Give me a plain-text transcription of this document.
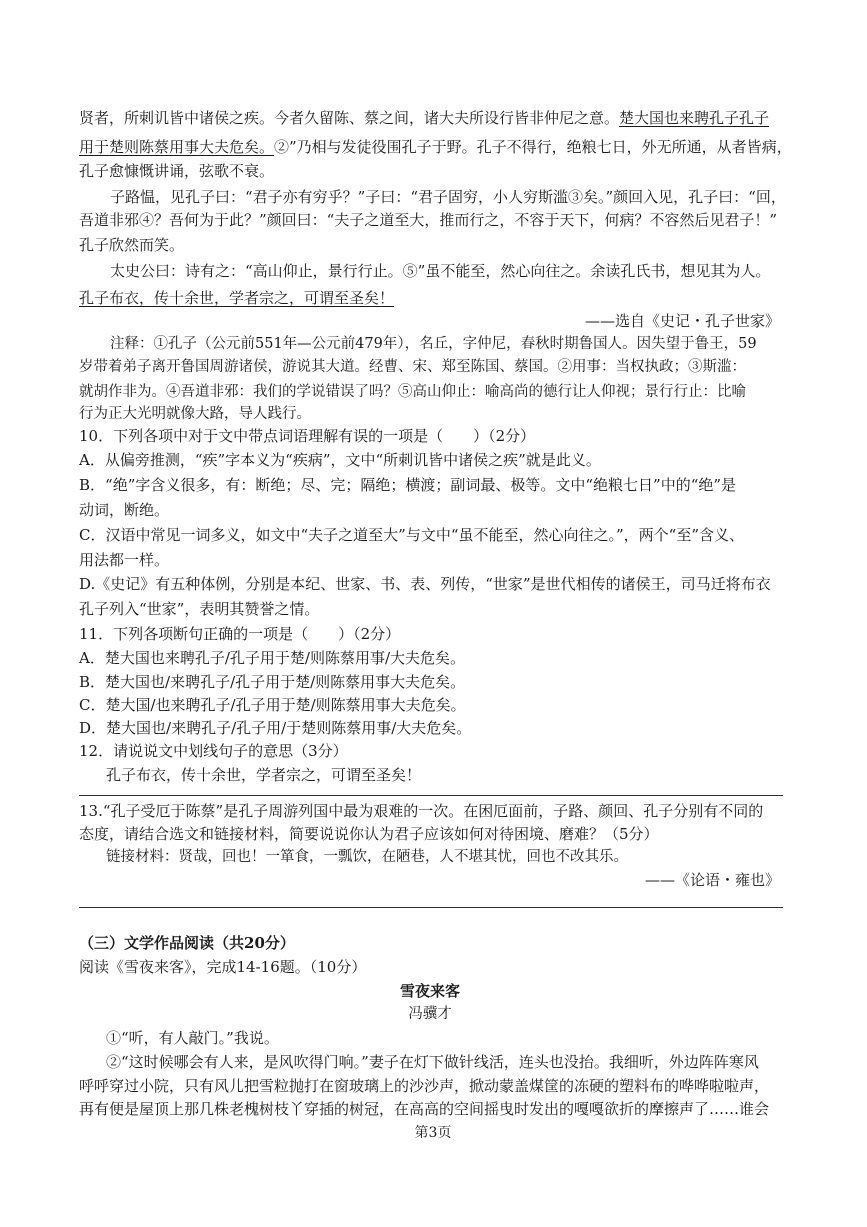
贤者，所刺讥皆中诸侯之疾。今者久留陈、蔡之间，诸大夫所设行皆非仲尼之意。楚大国也来聘孔子孔子
用于楚则陈蔡用事大夫危矣。②”乃相与发徒役围孔子于野。孔子不得行，绝粮七日，外无所通，从者皆病，
孔子愈慷慨讲诵，弦歌不衰。
子路愠，见孔子曰：“君子亦有穷乎？”子曰：“君子固穷，小人穷斯滥③矣。”颜回入见，孔子曰：“回，
吾道非邪④？吾何为于此？”颜回曰：“夫子之道至大，推而行之，不容于天下，何病？不容然后见君子！”
孔子欣然而笑。
太史公曰：诗有之：“高山仰止，景行行止。⑤”虽不能至，然心向往之。余读孔氏书，想见其为人。
孔子布衣，传十余世，学者宗之，可谓至圣矣！
——选自《史记・孔子世家》
注释：①孔子（公元前551年—公元前479年），名丘，字仲尼，春秋时期鲁国人。因失望于鲁王，59
岁带着弟子离开鲁国周游诸侯，游说其大道。经曹、宋、郑至陈国、蔡国。②用事：当权执政；③斯滥：
就胡作非为。④吾道非邪：我们的学说错误了吗？⑤高山仰止：喻高尚的德行让人仰视；景行行止：比喻
行为正大光明就像大路，导人践行。
10．下列各项中对于文中带点词语理解有误的一项是（　　）（2分）
A．从偏旁推测，“疾”字本义为“疾病”，文中“所刺讥皆中诸侯之疾”就是此义。
B．“绝”字含义很多，有：断绝；尽、完；隔绝；横渡；副词最、极等。文中“绝粮七日”中的“绝”是
动词，断绝。
C．汉语中常见一词多义，如文中“夫子之道至大”与文中“虽不能至，然心向往之。”，两个“至”含义、
用法都一样。
D.《史记》有五种体例，分别是本纪、世家、书、表、列传，“世家”是世代相传的诸侯王，司马迁将布衣
孔子列入“世家”，表明其赞誉之情。
11．下列各项断句正确的一项是（　　）（2分）
A．楚大国也来聘孔子/孔子用于楚/则陈蔡用事/大夫危矣。
B．楚大国也/来聘孔子/孔子用于楚/则陈蔡用事大夫危矣。
C．楚大国/也来聘孔子/孔子用于楚/则陈蔡用事大夫危矣。
D．楚大国也/来聘孔子/孔子用/于楚则陈蔡用事/大夫危矣。
12．请说说文中划线句子的意思（3分）
孔子布衣，传十余世，学者宗之，可谓至圣矣！
13.“孔子受厄于陈蔡”是孔子周游列国中最为艰难的一次。在困厄面前，子路、颜回、孔子分别有不同的
态度，请结合选文和链接材料，简要说说你认为君子应该如何对待困境、磨难？（5分）
链接材料：贤哉，回也！一箪食，一瓢饮，在陋巷，人不堪其忧，回也不改其乐。
——《论语・雍也》
（三）文学作品阅读（共20分）
阅读《雪夜来客》，完成14-16题。（10分）
雪夜来客
冯骥才
①“听，有人敲门。”我说。
②“这时候哪会有人来，是风吹得门响。”妻子在灯下做针线活，连头也没抬。我细听，外边阵阵寒风
呼呼穿过小院，只有风儿把雪粒抛打在窗玻璃上的沙沙声，掀动蒙盖煤筐的冻硬的塑料布的哗哗啦啦声，
再有便是屋顶上那几株老槐树枝丫穿插的树冠，在高高的空间摇曳时发出的嘎嘎欲折的摩擦声了……谁会
第3页
